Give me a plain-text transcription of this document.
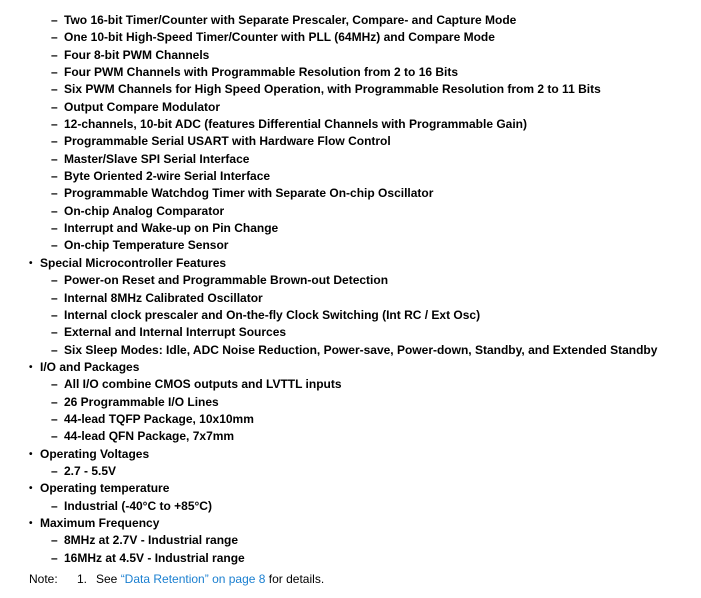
– Two 16-bit Timer/Counter with Separate Prescaler, Compare- and Capture Mode
– One 10-bit High-Speed Timer/Counter with PLL (64MHz) and Compare Mode
– Four 8-bit PWM Channels
– Four PWM Channels with Programmable Resolution from 2 to 16 Bits
– Six PWM Channels for High Speed Operation, with Programmable Resolution from 2 to 11 Bits
– Output Compare Modulator
– 12-channels, 10-bit ADC (features Differential Channels with Programmable Gain)
– Programmable Serial USART with Hardware Flow Control
– Master/Slave SPI Serial Interface
– Byte Oriented 2-wire Serial Interface
– Programmable Watchdog Timer with Separate On-chip Oscillator
– On-chip Analog Comparator
– Interrupt and Wake-up on Pin Change
– On-chip Temperature Sensor
• Special Microcontroller Features
– Power-on Reset and Programmable Brown-out Detection
– Internal 8MHz Calibrated Oscillator
– Internal clock prescaler and On-the-fly Clock Switching (Int RC / Ext Osc)
– External and Internal Interrupt Sources
– Six Sleep Modes: Idle, ADC Noise Reduction, Power-save, Power-down, Standby, and Extended Standby
• I/O and Packages
– All I/O combine CMOS outputs and LVTTL inputs
– 26 Programmable I/O Lines
– 44-lead TQFP Package, 10x10mm
– 44-lead QFN Package, 7x7mm
• Operating Voltages
– 2.7 - 5.5V
• Operating temperature
– Industrial (-40°C to +85°C)
• Maximum Frequency
– 8MHz at 2.7V - Industrial range
– 16MHz at 4.5V - Industrial range
Note: 1. See “Data Retention” on page 8 for details.
